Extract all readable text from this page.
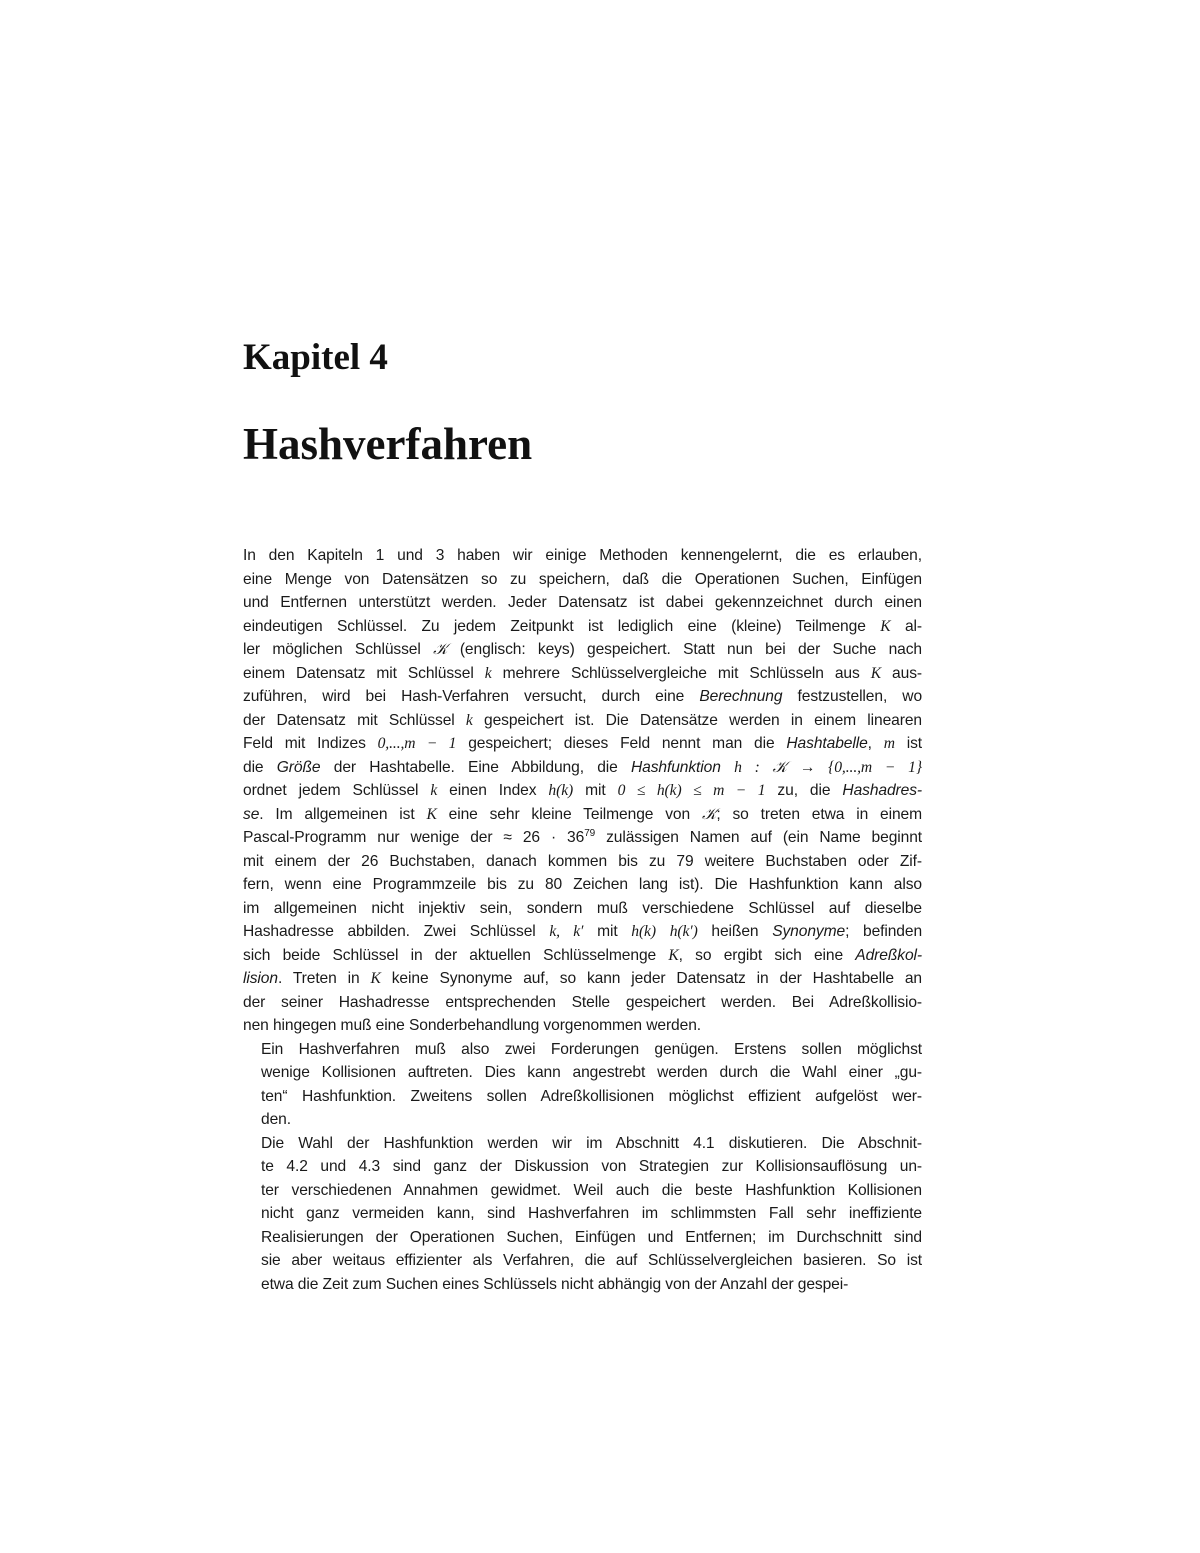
Kapitel 4
Hashverfahren

In den Kapiteln 1 und 3 haben wir einige Methoden kennengelernt, die es erlauben,
eine Menge von Datensätzen so zu speichern, daß die Operationen Suchen, Einfügen
und Entfernen unterstützt werden. Jeder Datensatz ist dabei gekennzeichnet durch einen
eindeutigen Schlüssel. Zu jedem Zeitpunkt ist lediglich eine (kleine) Teilmenge K al-
ler möglichen Schlüssel 𝒦 (englisch: keys) gespeichert. Statt nun bei der Suche nach
einem Datensatz mit Schlüssel k mehrere Schlüsselvergleiche mit Schlüsseln aus K aus-
zuführen, wird bei Hash-Verfahren versucht, durch eine Berechnung festzustellen, wo
der Datensatz mit Schlüssel k gespeichert ist. Die Datensätze werden in einem linearen
Feld mit Indizes 0,...,m − 1 gespeichert; dieses Feld nennt man die Hashtabelle, m ist
die Größe der Hashtabelle. Eine Abbildung, die Hashfunktion h : 𝒦 → {0,...,m − 1}
ordnet jedem Schlüssel k einen Index h(k) mit 0 ≤ h(k) ≤ m − 1 zu, die Hashadres-
se. Im allgemeinen ist K eine sehr kleine Teilmenge von 𝒦; so treten etwa in einem
Pascal-Programm nur wenige der ≈ $26 \cdot 36^{79}$ zulässigen Namen auf (ein Name beginnt
mit einem der 26 Buchstaben, danach kommen bis zu 79 weitere Buchstaben oder Zif-
fern, wenn eine Programmzeile bis zu 80 Zeichen lang ist). Die Hashfunktion kann also
im allgemeinen nicht injektiv sein, sondern muß verschiedene Schlüssel auf dieselbe
Hashadresse abbilden. Zwei Schlüssel k, k′ mit h(k) h(k′) heißen Synonyme; befinden
sich beide Schlüssel in der aktuellen Schlüsselmenge K, so ergibt sich eine Adreßkol-
lision. Treten in K keine Synonyme auf, so kann jeder Datensatz in der Hashtabelle an
der seiner Hashadresse entsprechenden Stelle gespeichert werden. Bei Adreßkollisio-
nen hingegen muß eine Sonderbehandlung vorgenommen werden.

Ein Hashverfahren muß also zwei Forderungen genügen. Erstens sollen möglichst
wenige Kollisionen auftreten. Dies kann angestrebt werden durch die Wahl einer „gu-
ten“ Hashfunktion. Zweitens sollen Adreßkollisionen möglichst effizient aufgelöst wer-
den.

Die Wahl der Hashfunktion werden wir im Abschnitt 4.1 diskutieren. Die Abschnit-
te 4.2 und 4.3 sind ganz der Diskussion von Strategien zur Kollisionsauflösung un-
ter verschiedenen Annahmen gewidmet. Weil auch die beste Hashfunktion Kollisionen
nicht ganz vermeiden kann, sind Hashverfahren im schlimmsten Fall sehr ineffiziente
Realisierungen der Operationen Suchen, Einfügen und Entfernen; im Durchschnitt sind
sie aber weitaus effizienter als Verfahren, die auf Schlüsselvergleichen basieren. So ist
etwa die Zeit zum Suchen eines Schlüssels nicht abhängig von der Anzahl der gespei-
